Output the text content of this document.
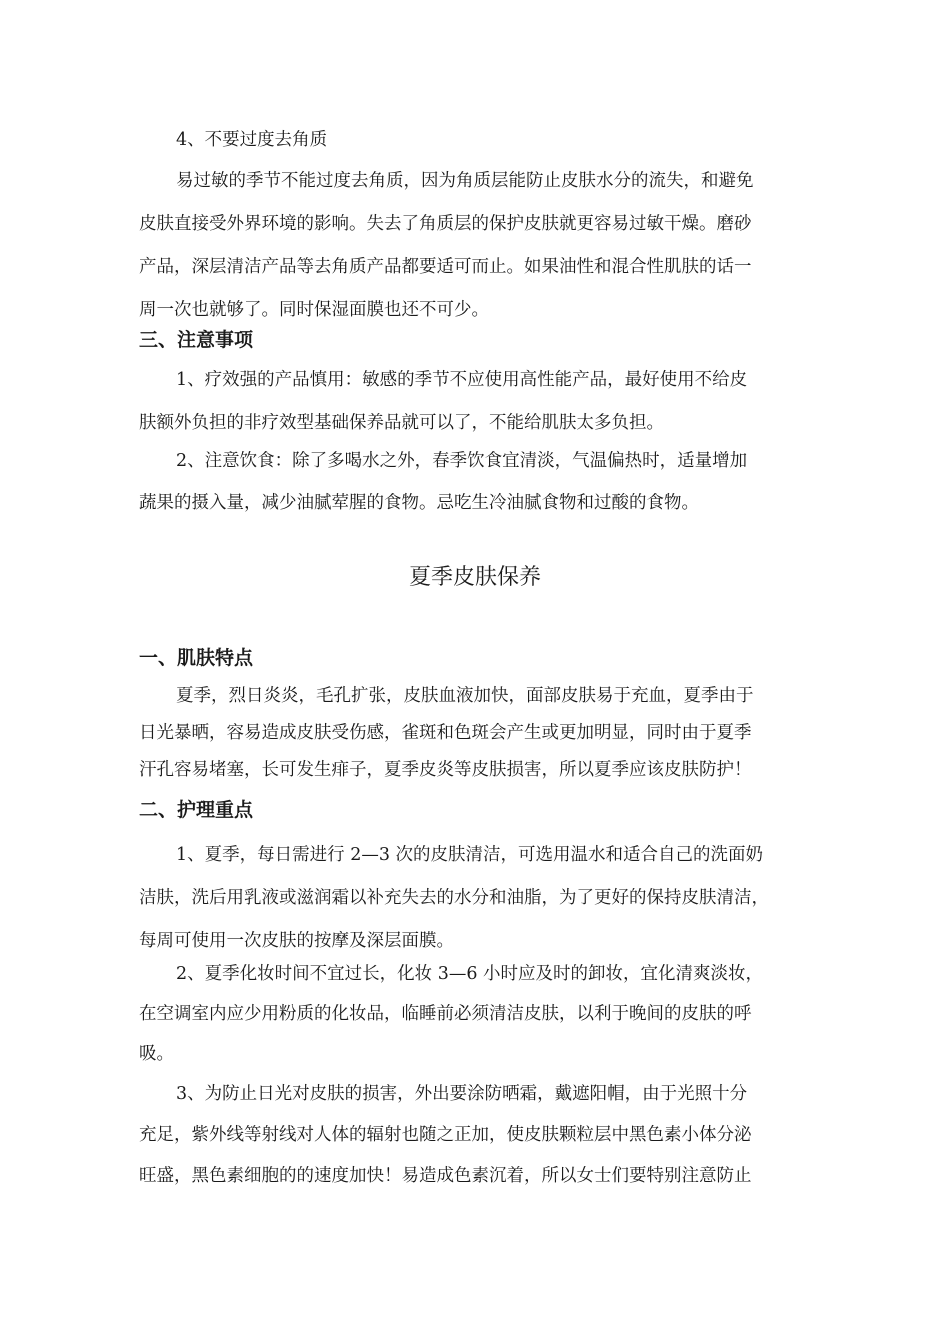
4、不要过度去角质
易过敏的季节不能过度去角质，因为角质层能防止皮肤水分的流失，和避免
皮肤直接受外界环境的影响。失去了角质层的保护皮肤就更容易过敏干燥。磨砂
产品，深层清洁产品等去角质产品都要适可而止。如果油性和混合性肌肤的话一
周一次也就够了。同时保湿面膜也还不可少。
三、注意事项
1、疗效强的产品慎用：敏感的季节不应使用高性能产品，最好使用不给皮
肤额外负担的非疗效型基础保养品就可以了，不能给肌肤太多负担。
2、注意饮食：除了多喝水之外，春季饮食宜清淡，气温偏热时，适量增加
蔬果的摄入量，减少油腻荤腥的食物。忌吃生冷油腻食物和过酸的食物。
夏季皮肤保养
一、肌肤特点
夏季，烈日炎炎，毛孔扩张，皮肤血液加快，面部皮肤易于充血，夏季由于
日光暴晒，容易造成皮肤受伤感，雀斑和色斑会产生或更加明显，同时由于夏季
汗孔容易堵塞，长可发生痱子，夏季皮炎等皮肤损害，所以夏季应该皮肤防护！
二、护理重点
1、夏季，每日需进行 2—3 次的皮肤清洁，可选用温水和适合自己的洗面奶
洁肤，洗后用乳液或滋润霜以补充失去的水分和油脂，为了更好的保持皮肤清洁，
每周可使用一次皮肤的按摩及深层面膜。
2、夏季化妆时间不宜过长，化妆 3—6 小时应及时的卸妆，宜化清爽淡妆，
在空调室内应少用粉质的化妆品，临睡前必须清洁皮肤，以利于晚间的皮肤的呼
吸。
3、为防止日光对皮肤的损害，外出要涂防晒霜，戴遮阳帽，由于光照十分
充足，紫外线等射线对人体的辐射也随之正加，使皮肤颗粒层中黑色素小体分泌
旺盛，黑色素细胞的的速度加快！易造成色素沉着，所以女士们要特别注意防止
